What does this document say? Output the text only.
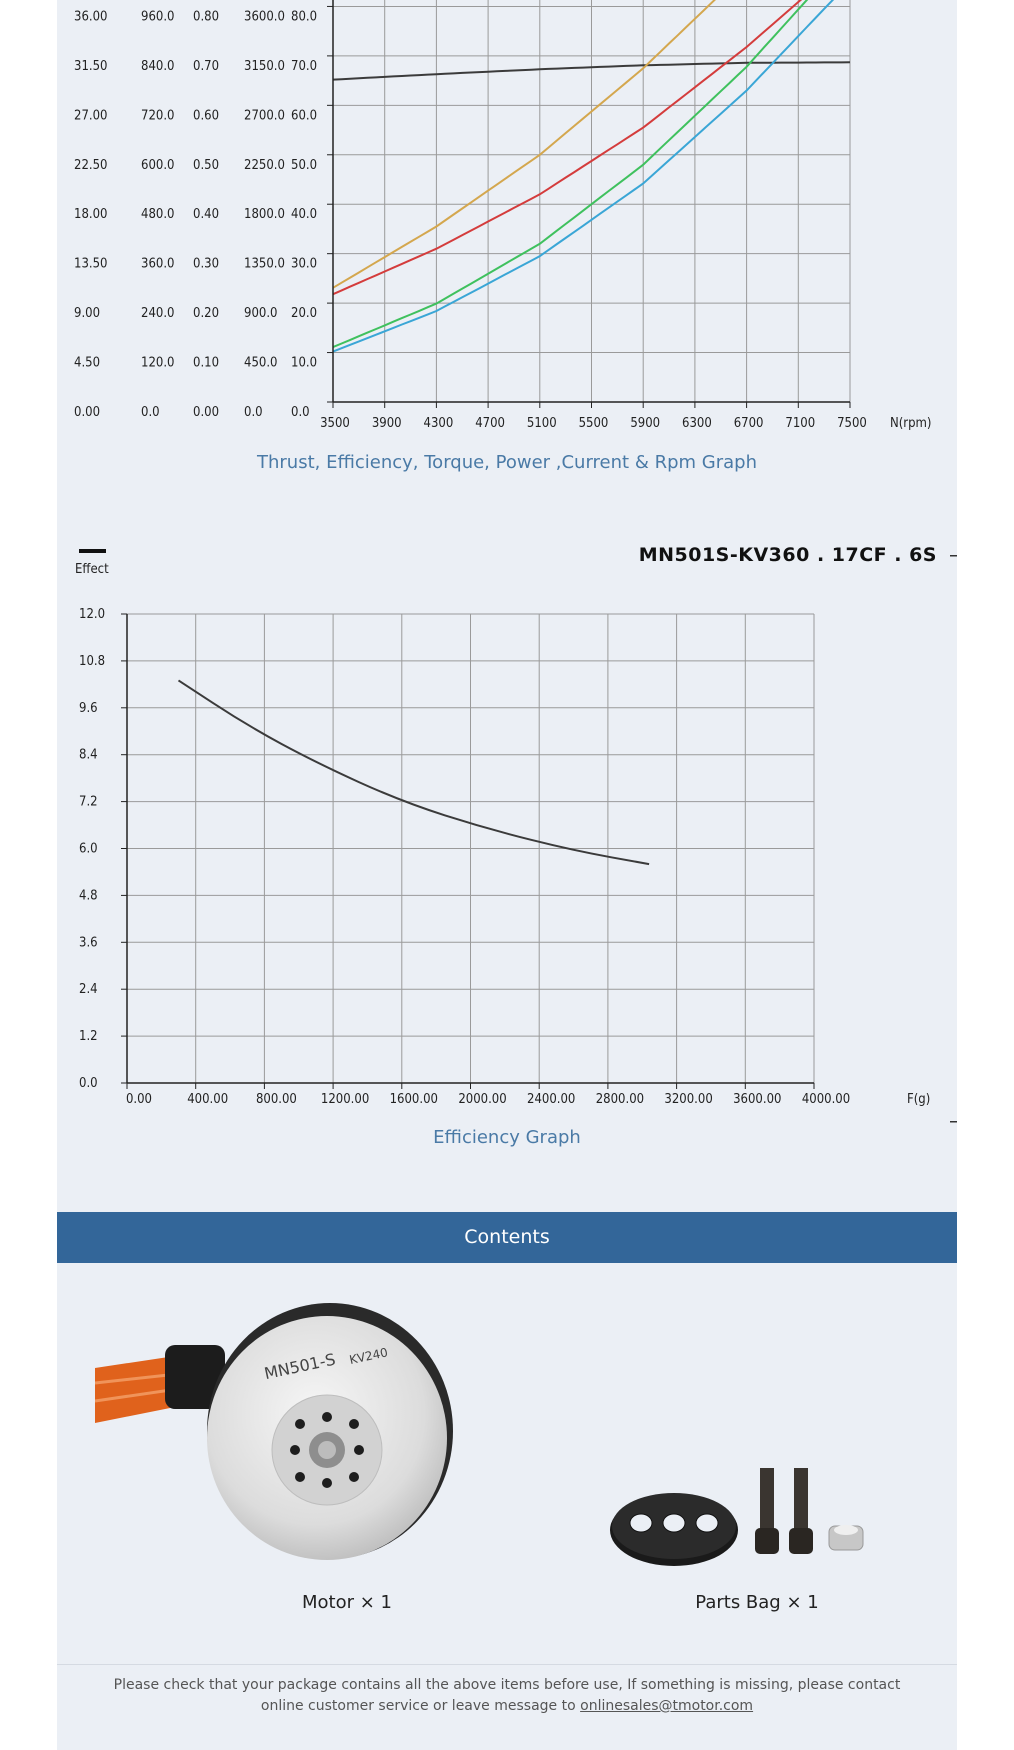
3500 3900 4300 4700 5100 5500 5900 6300 6700 7100 7500
36.00	960.0 0.80 3600.0 80.0
31.50	840.0 0.70 3150.0 70.0
27.00	720.0 0.60 2700.0 60.0
22.50	600.0 0.50 2250.0 50.0
18.00	480.0 0.40 1800.0 40.0
13.50	360.0 0.30 1350.0 30.0
9.00	240.0 0.20 900.0 20.0
4.50	120.0 0.10 450.0 10.0
0.00	0.0	0.00 0.0 0.0
N(rpm)
Thrust, Efficiency, Torque, Power ,Current & Rpm Graph
Effect
0.00	400.00 800.00 1200.00 1600.00 2000.00 2400.00 2800.00 3200.00 3600.00 4000.00
12.0
10.8
9.6
8.4
7.2
6.0
4.8
3.6
2.4
1.2
0.0
F(g)
MN501S-KV360 . 17CF . 6S
Efficiency Graph
Contents
MN501-S KV240
Motor × 1	Parts Bag × 1
Please check that your package contains all the above items before use, If something is missing, please contact online customer service or leave message to onlinesales@tmotor.com
